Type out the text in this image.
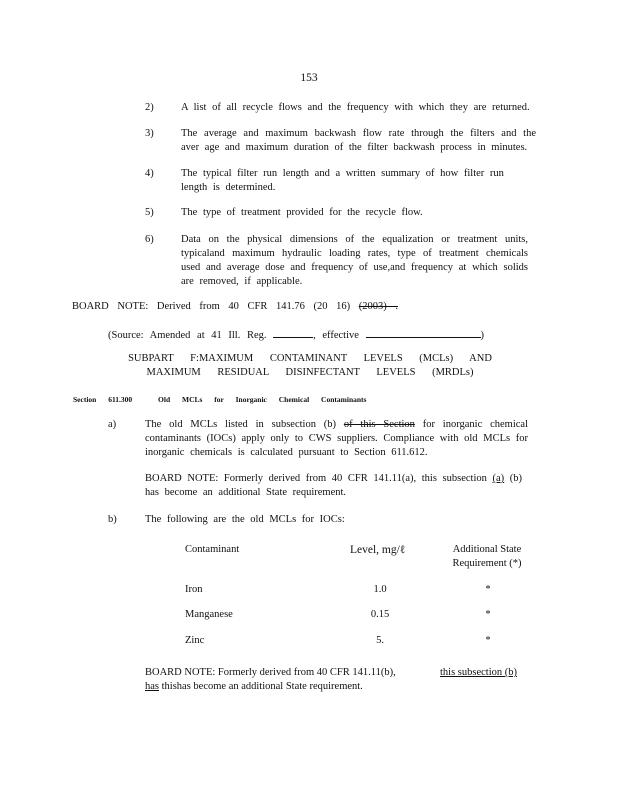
153
2)	A list of all recycle flows and the frequency with which they are returned.
3)	The average and maximum backwash flow rate through the filters and the aver age and maximum duration of the filter backwash process in minutes.
4)	The typical filter run length and a written summary of how filter run length is determined.
5)	The type of treatment provided for the recycle flow.
6)	Data on the physical dimensions of the equalization or treatment units, typicaland maximum hydraulic loading rates, type of treatment chemicals used and average dose and frequency of use,and frequency at which solids are removed, if applicable.
BOARD NOTE: Derived from 40 CFR 141.76 (20 16) (2003) .
(Source: Amended at 41 Ill. Reg.	, effective	)
SUBPART F:MAXIMUM CONTAMINANT LEVELS (MCLs) AND
MAXIMUM RESIDUAL DISINFECTANT LEVELS (MRDLs)
Section 611.300	Old MCLs for Inorganic Chemical Contaminants
a)	The old MCLs listed in subsection (b) of this Section for inorganic chemical contaminants (IOCs) apply only to CWS suppliers. Compliance with old MCLs for inorganic chemicals is calculated pursuant to Section 611.612.
BOARD NOTE: Formerly derived from 40 CFR 141.11(a), this subsection (a) (b) has become an additional State requirement.
b)	The following are the old MCLs for IOCs:
Contaminant	Level, mg/ℓ	Additional State Requirement (*)
Iron	1.0	*
Manganese	0.15	*
Zinc	5.	*
BOARD NOTE: Formerly derived from 40 CFR 141.11(b),	this subsection (b)
has thishas become an additional State requirement.
